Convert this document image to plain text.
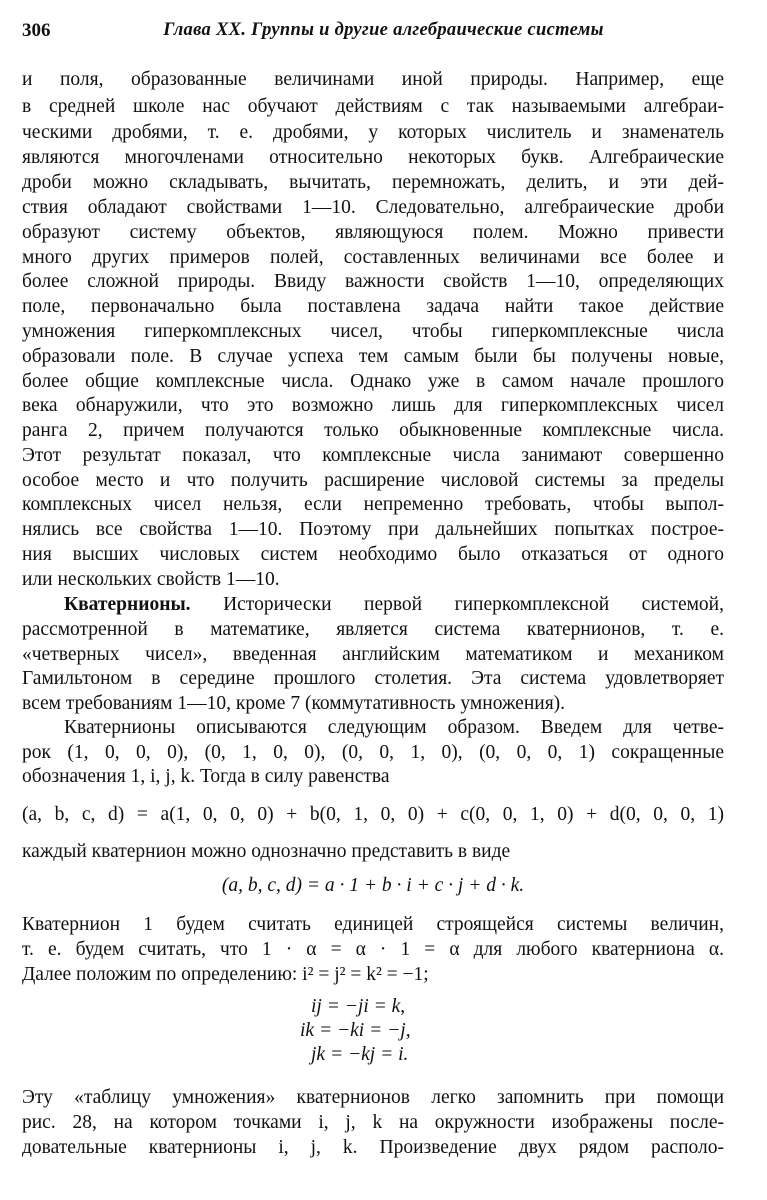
306	Глава XX. Группы и другие алгебраические системы
и поля, образованные величинами иной природы. Например, еще
в средней школе нас обучают действиям с так называемыми алгебраи-
ческими дробями, т. е. дробями, у которых числитель и знаменатель
являются многочленами относительно некоторых букв. Алгебраические
дроби можно складывать, вычитать, перемножать, делить, и эти дей-
ствия обладают свойствами 1—10. Следовательно, алгебраические дроби
образуют систему объектов, являющуюся полем. Можно привести
много других примеров полей, составленных величинами все более и
более сложной природы. Ввиду важности свойств 1—10, определяющих
поле, первоначально была поставлена задача найти такое действие
умножения гиперкомплексных чисел, чтобы гиперкомплексные числа
образовали поле. В случае успеха тем самым были бы получены новые,
более общие комплексные числа. Однако уже в самом начале прошлого
века обнаружили, что это возможно лишь для гиперкомплексных чисел
ранга 2, причем получаются только обыкновенные комплексные числа.
Этот результат показал, что комплексные числа занимают совершенно
особое место и что получить расширение числовой системы за пределы
комплексных чисел нельзя, если непременно требовать, чтобы выпол-
нялись все свойства 1—10. Поэтому при дальнейших попытках построе-
ния высших числовых систем необходимо было отказаться от одного
или нескольких свойств 1—10.
Кватернионы. Исторически первой гиперкомплексной системой,
рассмотренной в математике, является система кватернионов, т. е.
«четверных чисел», введенная английским математиком и механиком
Гамильтоном в середине прошлого столетия. Эта система удовлетворяет
всем требованиям 1—10, кроме 7 (коммутативность умножения).
Кватернионы описываются следующим образом. Введем для четве-
рок (1, 0, 0, 0), (0, 1, 0, 0), (0, 0, 1, 0), (0, 0, 0, 1) сокращенные
обозначения 1, i, j, k. Тогда в силу равенства
(a, b, c, d) = a(1, 0, 0, 0) + b(0, 1, 0, 0) + c(0, 0, 1, 0) + d(0, 0, 0, 1)
каждый кватернион можно однозначно представить в виде
(a, b, c, d) = a · 1 + b · i + c · j + d · k.
Кватернион 1 будем считать единицей строящейся системы величин,
т. е. будем считать, что 1 · α = α · 1 = α для любого кватерниона α.
Далее положим по определению: i² = j² = k² = −1;
ij = −ji = k,
ik = −ki = −j,
jk = −kj = i.
Эту «таблицу умножения» кватернионов легко запомнить при помощи
рис. 28, на котором точками i, j, k на окружности изображены после-
довательные кватернионы i, j, k. Произведение двух рядом располо-
